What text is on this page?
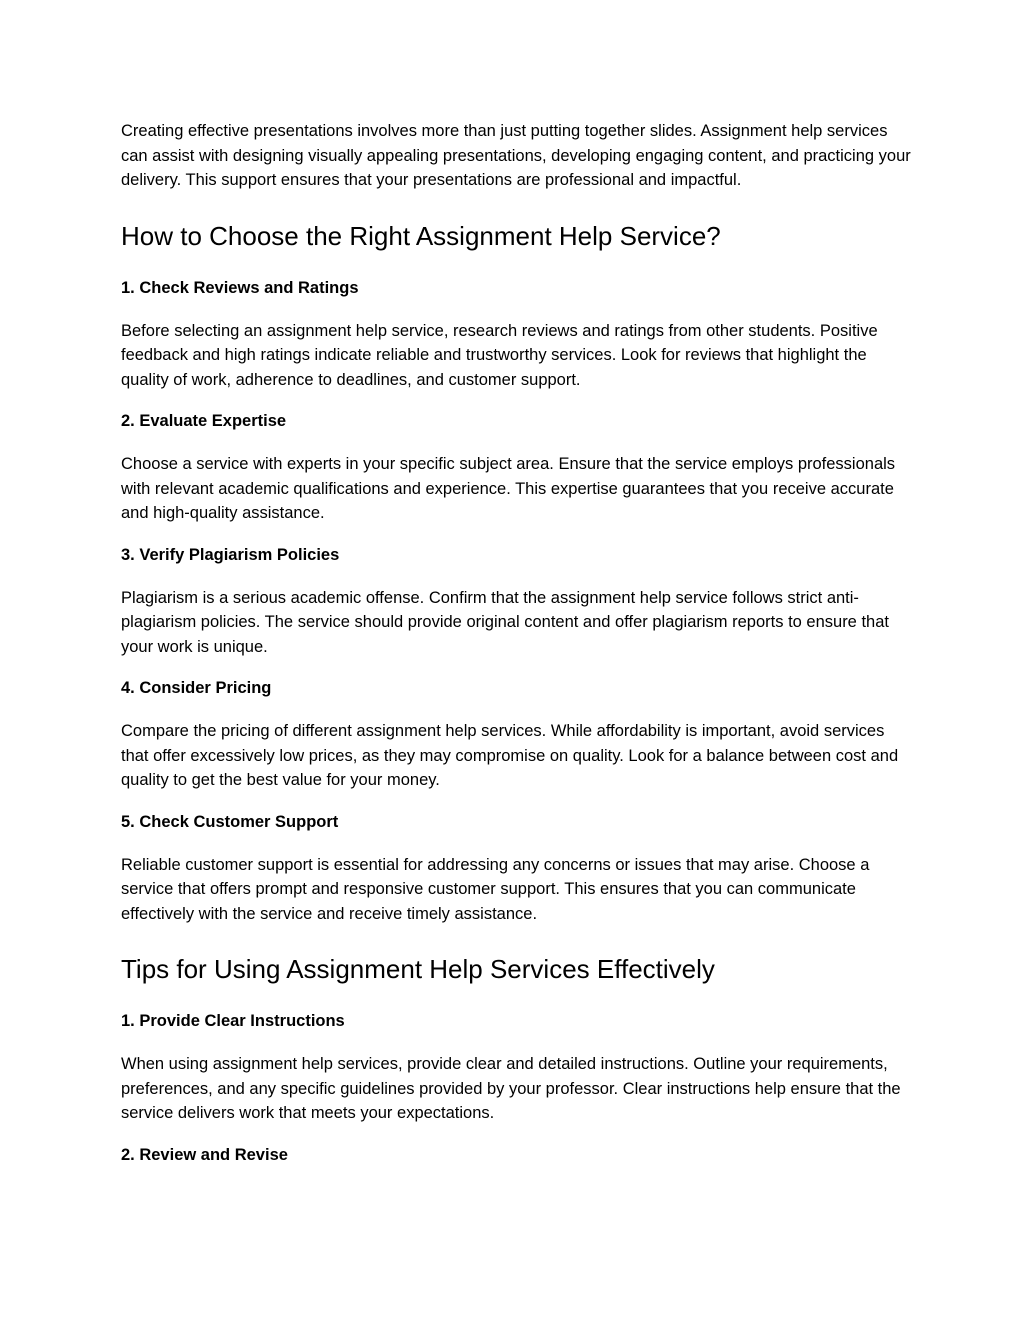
Creating effective presentations involves more than just putting together slides. Assignment help services can assist with designing visually appealing presentations, developing engaging content, and practicing your delivery. This support ensures that your presentations are professional and impactful.

How to Choose the Right Assignment Help Service?
1. Check Reviews and Ratings

Before selecting an assignment help service, research reviews and ratings from other students. Positive feedback and high ratings indicate reliable and trustworthy services. Look for reviews that highlight the quality of work, adherence to deadlines, and customer support.

2. Evaluate Expertise

Choose a service with experts in your specific subject area. Ensure that the service employs professionals with relevant academic qualifications and experience. This expertise guarantees that you receive accurate and high-quality assistance.

3. Verify Plagiarism Policies

Plagiarism is a serious academic offense. Confirm that the assignment help service follows strict anti-plagiarism policies. The service should provide original content and offer plagiarism reports to ensure that your work is unique.

4. Consider Pricing

Compare the pricing of different assignment help services. While affordability is important, avoid services that offer excessively low prices, as they may compromise on quality. Look for a balance between cost and quality to get the best value for your money.

5. Check Customer Support

Reliable customer support is essential for addressing any concerns or issues that may arise. Choose a service that offers prompt and responsive customer support. This ensures that you can communicate effectively with the service and receive timely assistance.

Tips for Using Assignment Help Services Effectively
1. Provide Clear Instructions

When using assignment help services, provide clear and detailed instructions. Outline your requirements, preferences, and any specific guidelines provided by your professor. Clear instructions help ensure that the service delivers work that meets your expectations.

2. Review and Revise
